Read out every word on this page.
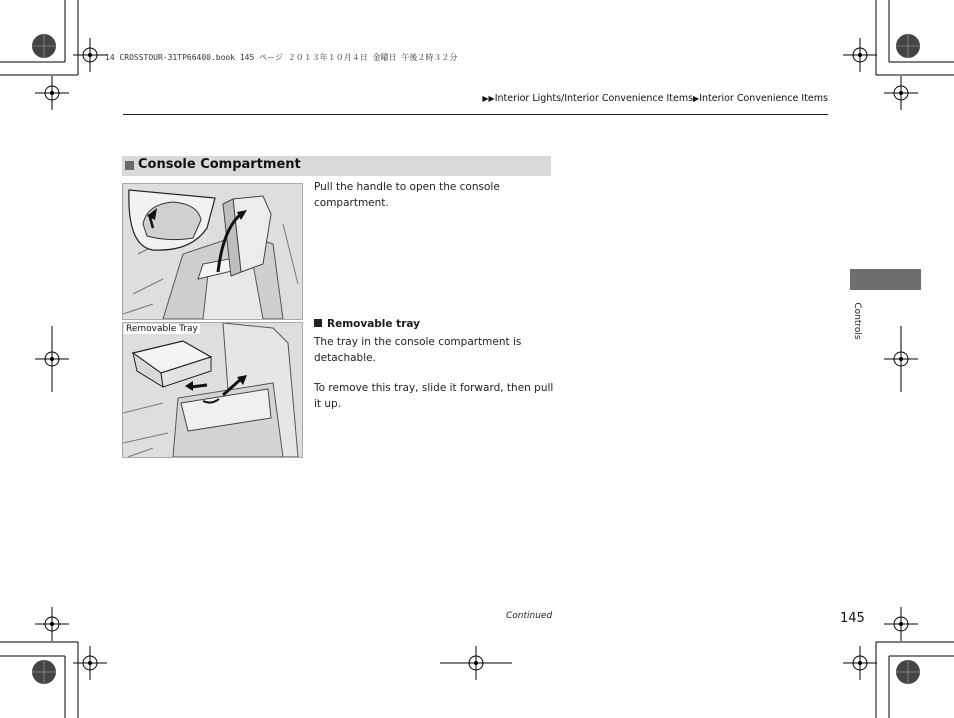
14 CROSSTOUR-31TP66400.book 145 ページ ２０１３年１０月４日 金曜日 午後２時３２分
▶▶Interior Lights/Interior Convenience Items▶Interior Convenience Items
Console Compartment
Pull the handle to open the console compartment.
Removable Tray	Removable tray
The tray in the console compartment is detachable.
To remove this tray, slide it forward, then pull it up.
Controls
Continued	145
